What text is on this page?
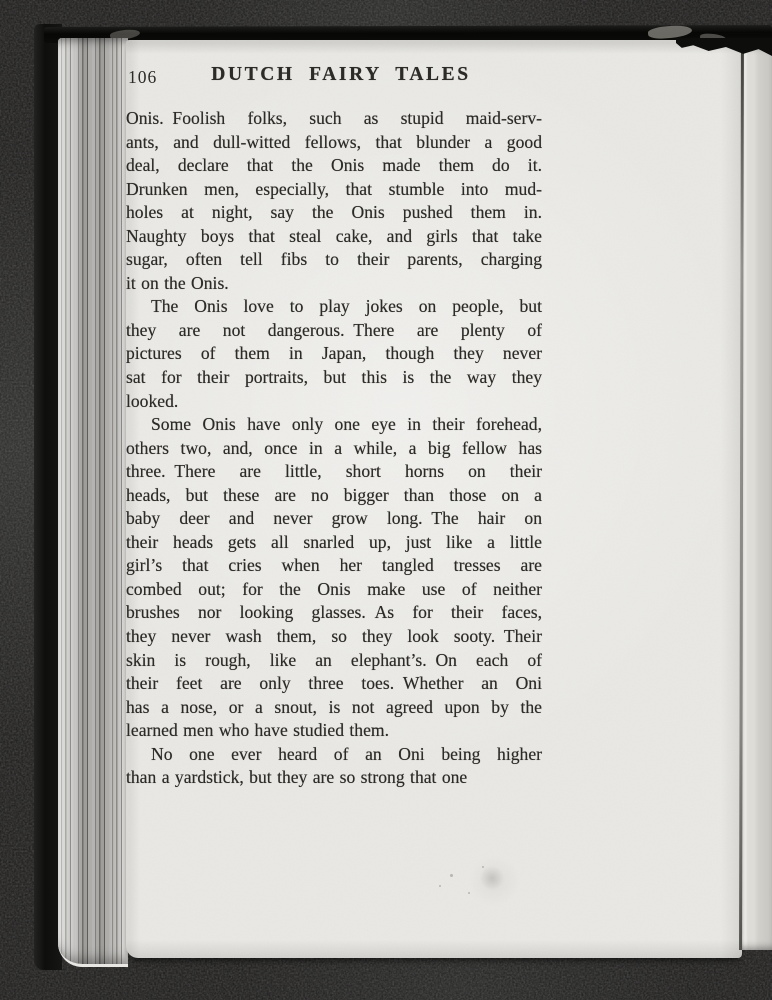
106	DUTCH FAIRY TALES
Onis. Foolish folks, such as stupid maid-serv-
ants, and dull-witted fellows, that blunder a good
deal, declare that the Onis made them do it.
Drunken men, especially, that stumble into mud-
holes at night, say the Onis pushed them in.
Naughty boys that steal cake, and girls that take
sugar, often tell fibs to their parents, charging
it on the Onis.
The Onis love to play jokes on people, but
they are not dangerous. There are plenty of
pictures of them in Japan, though they never
sat for their portraits, but this is the way they
looked.
Some Onis have only one eye in their forehead,
others two, and, once in a while, a big fellow has
three. There are little, short horns on their
heads, but these are no bigger than those on a
baby deer and never grow long. The hair on
their heads gets all snarled up, just like a little
girl’s that cries when her tangled tresses are
combed out; for the Onis make use of neither
brushes nor looking glasses. As for their faces,
they never wash them, so they look sooty. Their
skin is rough, like an elephant’s. On each of
their feet are only three toes. Whether an Oni
has a nose, or a snout, is not agreed upon by the
learned men who have studied them.
No one ever heard of an Oni being higher
than a yardstick, but they are so strong that one
